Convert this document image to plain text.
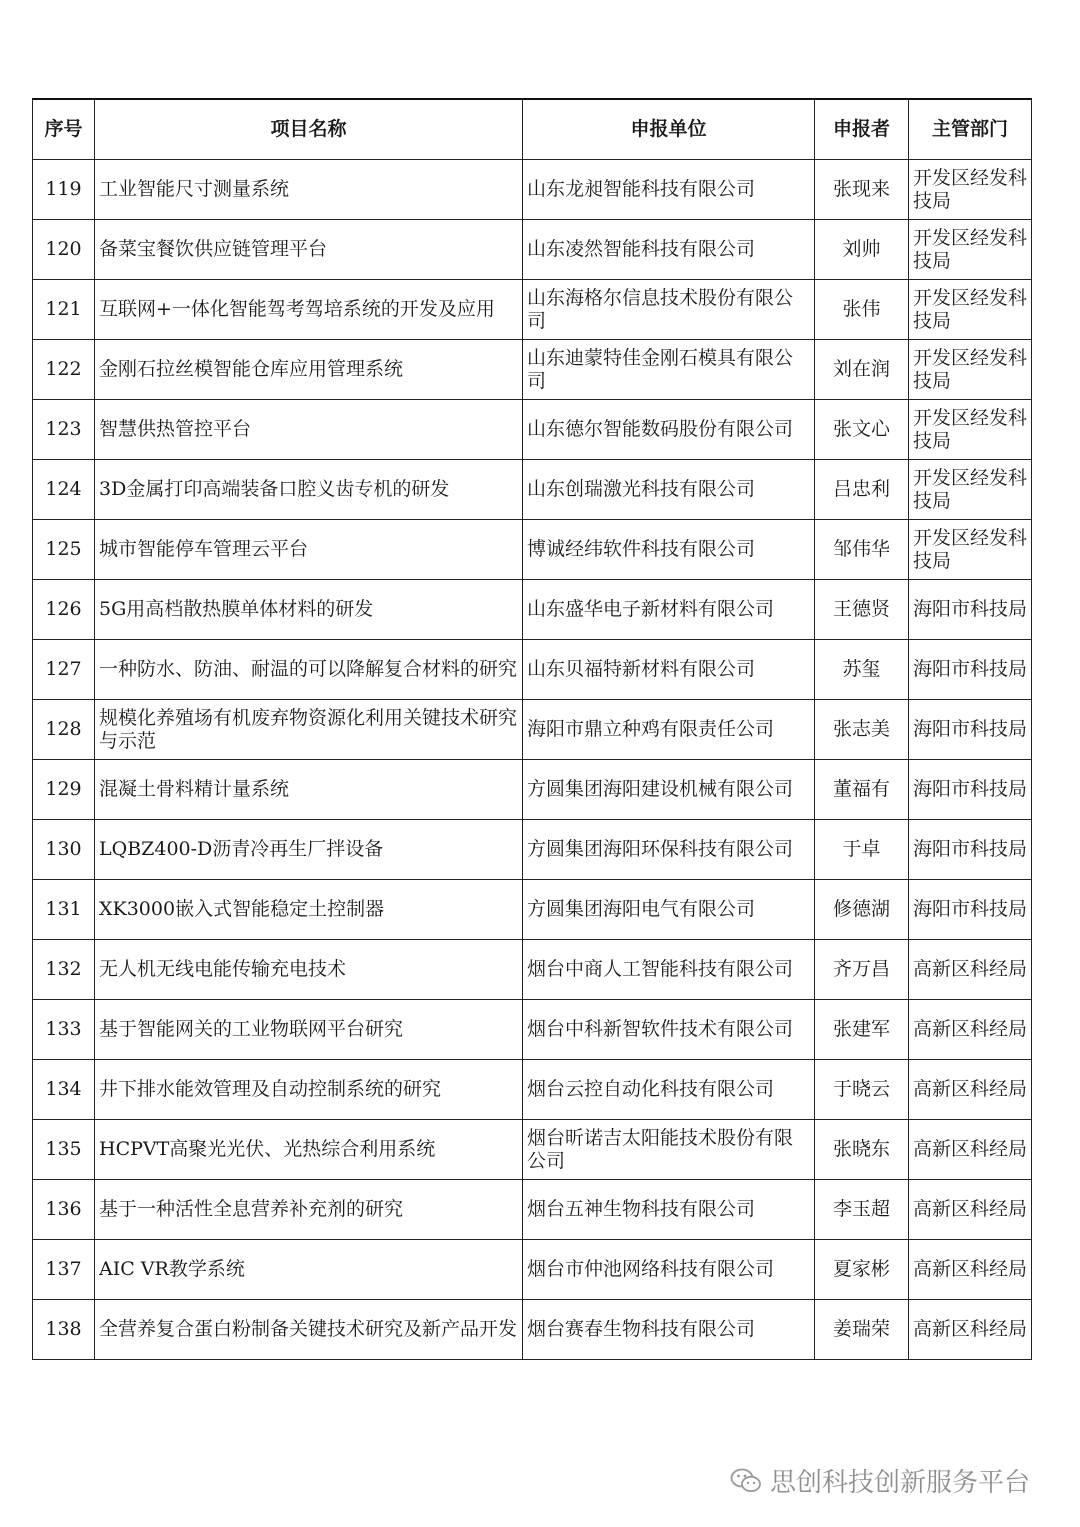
序号	项目名称	申报单位	申报者	主管部门
119	工业智能尺寸测量系统	山东龙昶智能科技有限公司	张现来	开发区经发科技局
120	备菜宝餐饮供应链管理平台	山东凌然智能科技有限公司	刘帅	开发区经发科技局
121	互联网+一体化智能驾考驾培系统的开发及应用	山东海格尔信息技术股份有限公司	张伟	开发区经发科技局
122	金刚石拉丝模智能仓库应用管理系统	山东迪蒙特佳金刚石模具有限公司	刘在润	开发区经发科技局
123	智慧供热管控平台	山东德尔智能数码股份有限公司	张文心	开发区经发科技局
124	3D金属打印高端装备口腔义齿专机的研发	山东创瑞激光科技有限公司	吕忠利	开发区经发科技局
125	城市智能停车管理云平台	博诚经纬软件科技有限公司	邹伟华	开发区经发科技局
126	5G用高档散热膜单体材料的研发	山东盛华电子新材料有限公司	王德贤	海阳市科技局
127	一种防水、防油、耐温的可以降解复合材料的研究	山东贝福特新材料有限公司	苏玺	海阳市科技局
128	规模化养殖场有机废弃物资源化利用关键技术研究与示范	海阳市鼎立种鸡有限责任公司	张志美	海阳市科技局
129	混凝土骨料精计量系统	方圆集团海阳建设机械有限公司	董福有	海阳市科技局
130	LQBZ400-D沥青冷再生厂拌设备	方圆集团海阳环保科技有限公司	于卓	海阳市科技局
131	XK3000嵌入式智能稳定土控制器	方圆集团海阳电气有限公司	修德湖	海阳市科技局
132	无人机无线电能传输充电技术	烟台中商人工智能科技有限公司	齐万昌	高新区科经局
133	基于智能网关的工业物联网平台研究	烟台中科新智软件技术有限公司	张建军	高新区科经局
134	井下排水能效管理及自动控制系统的研究	烟台云控自动化科技有限公司	于晓云	高新区科经局
135	HCPVT高聚光光伏、光热综合利用系统	烟台昕诺吉太阳能技术股份有限公司	张晓东	高新区科经局
136	基于一种活性全息营养补充剂的研究	烟台五神生物科技有限公司	李玉超	高新区科经局
137	AIC VR教学系统	烟台市仲池网络科技有限公司	夏家彬	高新区科经局
138	全营养复合蛋白粉制备关键技术研究及新产品开发	烟台赛春生物科技有限公司	姜瑞荣	高新区科经局
思创科技创新服务平台
